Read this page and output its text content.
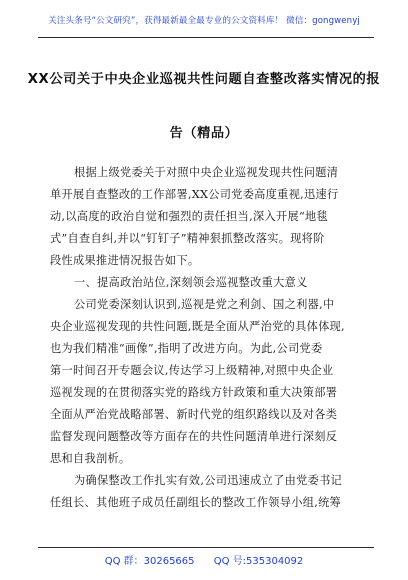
关注头条号“公文研究”，获得最新最全最专业的公文资料库！ 微信：gongwenyj
XX公司关于中央企业巡视共性问题自查整改落实情况的报
告（精品）
根据上级党委关于对照中央企业巡视发现共性问题清
单开展自查整改的工作部署,XX公司党委高度重视,迅速行
动,以高度的政治自觉和强烈的责任担当,深入开展“地毯
式”自查自纠,并以“钉钉子”精神狠抓整改落实。现将阶
段性成果推进情况报告如下。
一、提高政治站位,深刻领会巡视整改重大意义
公司党委深刻认识到,巡视是党之利剑、国之利器,中
央企业巡视发现的共性问题,既是全面从严治党的具体体现,
也为我们精准“画像”,指明了改进方向。为此,公司党委
第一时间召开专题会议,传达学习上级精神,对照中央企业
巡视发现的在贯彻落实党的路线方针政策和重大决策部署
全面从严治党战略部署、新时代党的组织路线以及对各类
监督发现问题整改等方面存在的共性问题清单进行深刻反
思和自我剖析。
为确保整改工作扎实有效,公司迅速成立了由党委书记
任组长、其他班子成员任副组长的整改工作领导小组,统筹
QQ 群：30265665 QQ 号:535304092
